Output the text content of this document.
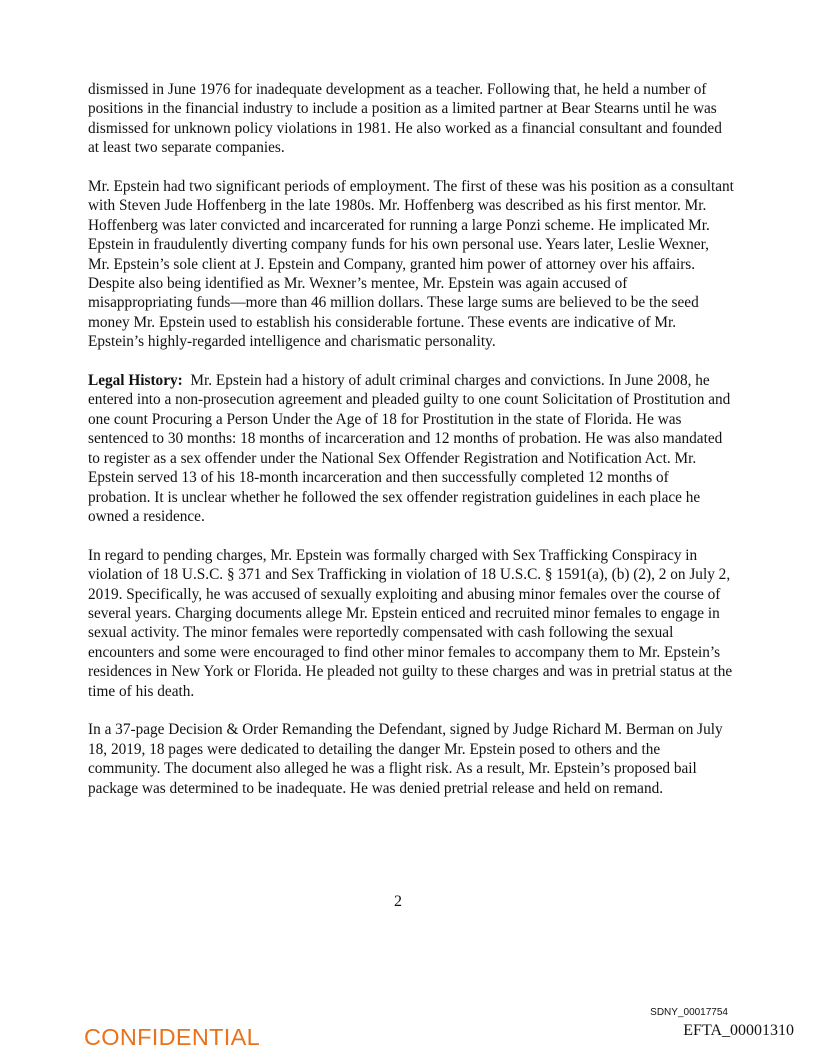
dismissed in June 1976 for inadequate development as a teacher. Following that, he held a number of positions in the financial industry to include a position as a limited partner at Bear Stearns until he was dismissed for unknown policy violations in 1981. He also worked as a financial consultant and founded at least two separate companies.

Mr. Epstein had two significant periods of employment. The first of these was his position as a consultant with Steven Jude Hoffenberg in the late 1980s. Mr. Hoffenberg was described as his first mentor. Mr. Hoffenberg was later convicted and incarcerated for running a large Ponzi scheme. He implicated Mr. Epstein in fraudulently diverting company funds for his own personal use. Years later, Leslie Wexner, Mr. Epstein’s sole client at J. Epstein and Company, granted him power of attorney over his affairs. Despite also being identified as Mr. Wexner’s mentee, Mr. Epstein was again accused of misappropriating funds—more than 46 million dollars. These large sums are believed to be the seed money Mr. Epstein used to establish his considerable fortune. These events are indicative of Mr. Epstein’s highly-regarded intelligence and charismatic personality.

Legal History: Mr. Epstein had a history of adult criminal charges and convictions. In June 2008, he entered into a non-prosecution agreement and pleaded guilty to one count Solicitation of Prostitution and one count Procuring a Person Under the Age of 18 for Prostitution in the state of Florida. He was sentenced to 30 months: 18 months of incarceration and 12 months of probation. He was also mandated to register as a sex offender under the National Sex Offender Registration and Notification Act. Mr. Epstein served 13 of his 18-month incarceration and then successfully completed 12 months of probation. It is unclear whether he followed the sex offender registration guidelines in each place he owned a residence.

In regard to pending charges, Mr. Epstein was formally charged with Sex Trafficking Conspiracy in violation of 18 U.S.C. § 371 and Sex Trafficking in violation of 18 U.S.C. § 1591(a), (b) (2), 2 on July 2, 2019. Specifically, he was accused of sexually exploiting and abusing minor females over the course of several years. Charging documents allege Mr. Epstein enticed and recruited minor females to engage in sexual activity. The minor females were reportedly compensated with cash following the sexual encounters and some were encouraged to find other minor females to accompany them to Mr. Epstein’s residences in New York or Florida. He pleaded not guilty to these charges and was in pretrial status at the time of his death.

In a 37-page Decision & Order Remanding the Defendant, signed by Judge Richard M. Berman on July 18, 2019, 18 pages were dedicated to detailing the danger Mr. Epstein posed to others and the community. The document also alleged he was a flight risk. As a result, Mr. Epstein’s proposed bail package was determined to be inadequate. He was denied pretrial release and held on remand.

2
SDNY_00017754
EFTA_00001310
CONFIDENTIAL
